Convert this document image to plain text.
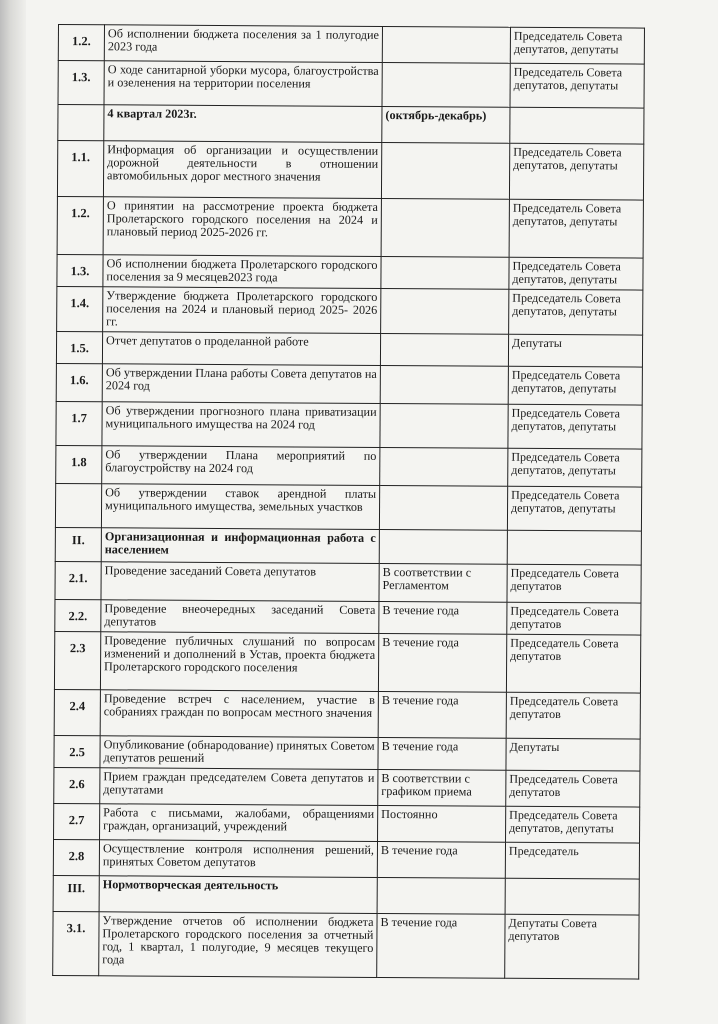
1.2.	Об исполнении бюджета поселения за 1 полугодие 2023 года		Председатель Совета депутатов, депутаты
1.3.	О ходе санитарной уборки мусора, благоустройства и озеленения на территории поселения		Председатель Совета депутатов, депутаты
	4 квартал 2023г.	(октябрь-декабрь)	
1.1.	Информация об организации и осуществлении дорожной деятельности в отношении автомобильных дорог местного значения		Председатель Совета депутатов, депутаты
1.2.	О принятии на рассмотрение проекта бюджета Пролетарского городского поселения на 2024 и плановый период 2025-2026 гг.		Председатель Совета депутатов, депутаты
1.3.	Об исполнении бюджета Пролетарского городского поселения за 9 месяцев2023 года		Председатель Совета депутатов, депутаты
1.4.	Утверждение бюджета Пролетарского городского поселения на 2024 и плановый период 2025- 2026 гг.		Председатель Совета депутатов, депутаты
1.5.	Отчет депутатов о проделанной работе		Депутаты
1.6.	Об утверждении Плана работы Совета депутатов на 2024 год		Председатель Совета депутатов, депутаты
1.7	Об утверждении прогнозного плана приватизации муниципального имущества на 2024 год		Председатель Совета депутатов, депутаты
1.8	Об утверждении Плана мероприятий по благоустройству на 2024 год		Председатель Совета депутатов, депутаты
	Об утверждении ставок арендной платы муниципального имущества, земельных участков		Председатель Совета депутатов, депутаты
II.	Организационная и информационная работа с населением		
2.1.	Проведение заседаний Совета депутатов	В соответствии с Регламентом	Председатель Совета депутатов
2.2.	Проведение внеочередных заседаний Совета депутатов	В течение года	Председатель Совета депутатов
2.3	Проведение публичных слушаний по вопросам изменений и дополнений в Устав, проекта бюджета Пролетарского городского поселения	В течение года	Председатель Совета депутатов
2.4	Проведение встреч с населением, участие в собраниях граждан по вопросам местного значения	В течение года	Председатель Совета депутатов
2.5	Опубликование (обнародование) принятых Советом депутатов решений	В течение года	Депутаты
2.6	Прием граждан председателем Совета депутатов и депутатами	В соответствии с графиком приема	Председатель Совета депутатов
2.7	Работа с письмами, жалобами, обращениями граждан, организаций, учреждений	Постоянно	Председатель Совета депутатов, депутаты
2.8	Осуществление контроля исполнения решений, принятых Советом депутатов	В течение года	Председатель
III.	Нормотворческая деятельность		
3.1.	Утверждение отчетов об исполнении бюджета Пролетарского городского поселения за отчетный год, 1 квартал, 1 полугодие, 9 месяцев текущего года	В течение года	Депутаты Совета депутатов
